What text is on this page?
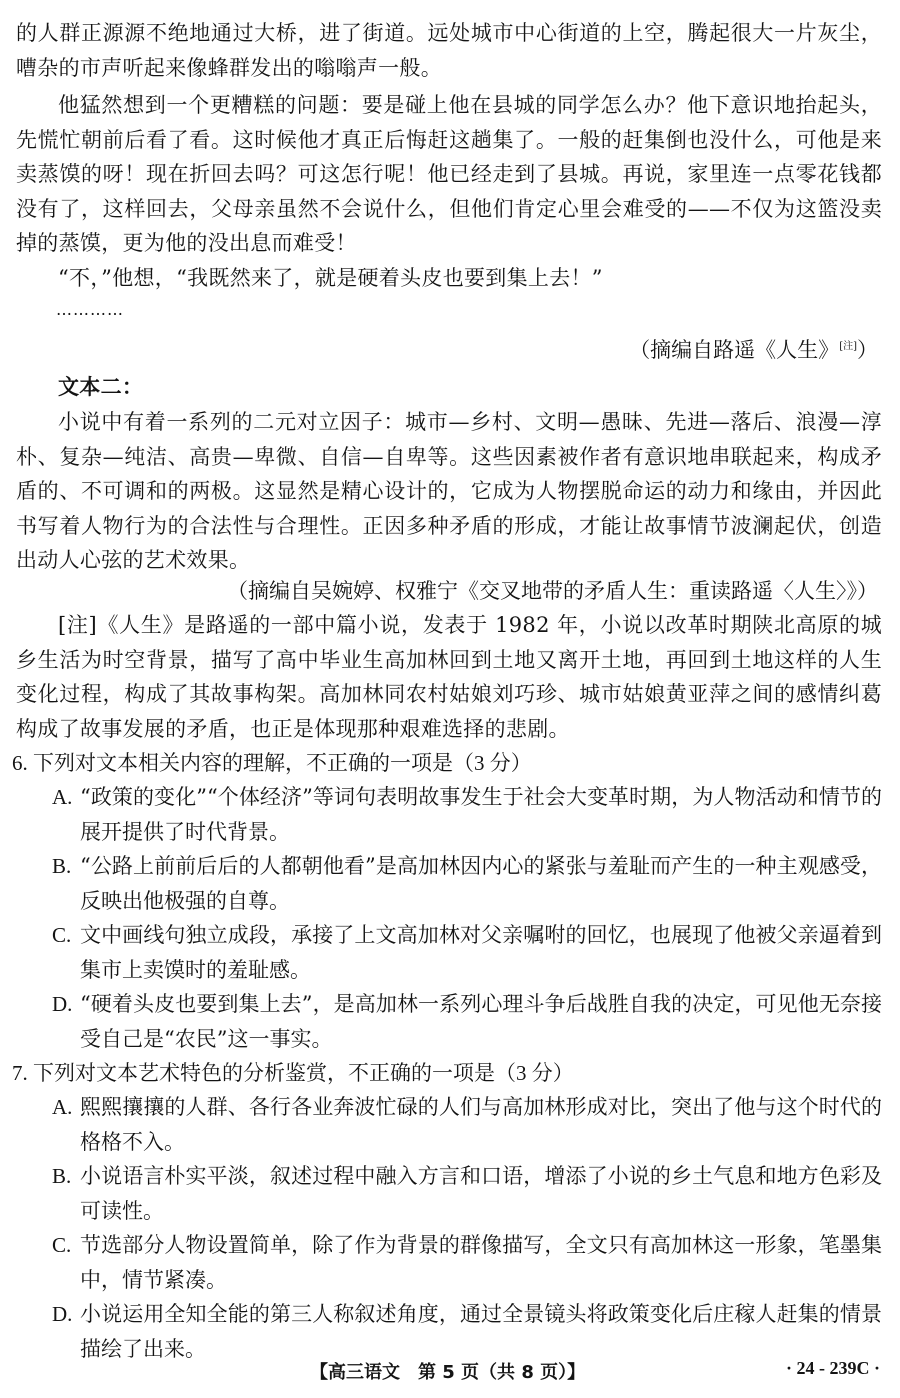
的人群正源源不绝地通过大桥，进了街道。远处城市中心街道的上空，腾起很大一片灰尘，嘈杂的市声听起来像蜂群发出的嗡嗡声一般。

他猛然想到一个更糟糕的问题：要是碰上他在县城的同学怎么办？他下意识地抬起头，先慌忙朝前后看了看。这时候他才真正后悔赶这趟集了。一般的赶集倒也没什么，可他是来卖蒸馍的呀！现在折回去吗？可这怎行呢！他已经走到了县城。再说，家里连一点零花钱都没有了，这样回去，父母亲虽然不会说什么，但他们肯定心里会难受的——不仅为这篮没卖掉的蒸馍，更为他的没出息而难受！

“不，”他想，“我既然来了，就是硬着头皮也要到集上去！”

…………
（摘编自路遥《人生》[注]）
文本二：

小说中有着一系列的二元对立因子：城市—乡村、文明—愚昧、先进—落后、浪漫—淳朴、复杂—纯洁、高贵—卑微、自信—自卑等。这些因素被作者有意识地串联起来，构成矛盾的、不可调和的两极。这显然是精心设计的，它成为人物摆脱命运的动力和缘由，并因此书写着人物行为的合法性与合理性。正因多种矛盾的形成，才能让故事情节波澜起伏，创造出动人心弦的艺术效果。

（摘编自吴婉婷、权雅宁《交叉地带的矛盾人生：重读路遥〈人生〉》）

[注]《人生》是路遥的一部中篇小说，发表于 1982 年，小说以改革时期陕北高原的城乡生活为时空背景，描写了高中毕业生高加林回到土地又离开土地，再回到土地这样的人生变化过程，构成了其故事构架。高加林同农村姑娘刘巧珍、城市姑娘黄亚萍之间的感情纠葛构成了故事发展的矛盾，也正是体现那种艰难选择的悲剧。

6. 下列对文本相关内容的理解，不正确的一项是（3 分）
A. “政策的变化”“个体经济”等词句表明故事发生于社会大变革时期，为人物活动和情节的展开提供了时代背景。
B. “公路上前前后后的人都朝他看”是高加林因内心的紧张与羞耻而产生的一种主观感受，反映出他极强的自尊。
C. 文中画线句独立成段，承接了上文高加林对父亲嘱咐的回忆，也展现了他被父亲逼着到集市上卖馍时的羞耻感。
D. “硬着头皮也要到集上去”，是高加林一系列心理斗争后战胜自我的决定，可见他无奈接受自己是“农民”这一事实。
7. 下列对文本艺术特色的分析鉴赏，不正确的一项是（3 分）
A. 熙熙攘攘的人群、各行各业奔波忙碌的人们与高加林形成对比，突出了他与这个时代的格格不入。
B. 小说语言朴实平淡，叙述过程中融入方言和口语，增添了小说的乡土气息和地方色彩及可读性。
C. 节选部分人物设置简单，除了作为背景的群像描写，全文只有高加林这一形象，笔墨集中，情节紧凑。
D. 小说运用全知全能的第三人称叙述角度，通过全景镜头将政策变化后庄稼人赶集的情景描绘了出来。
【高三语文　第 5 页（共 8 页）】	· 24 - 239C ·
